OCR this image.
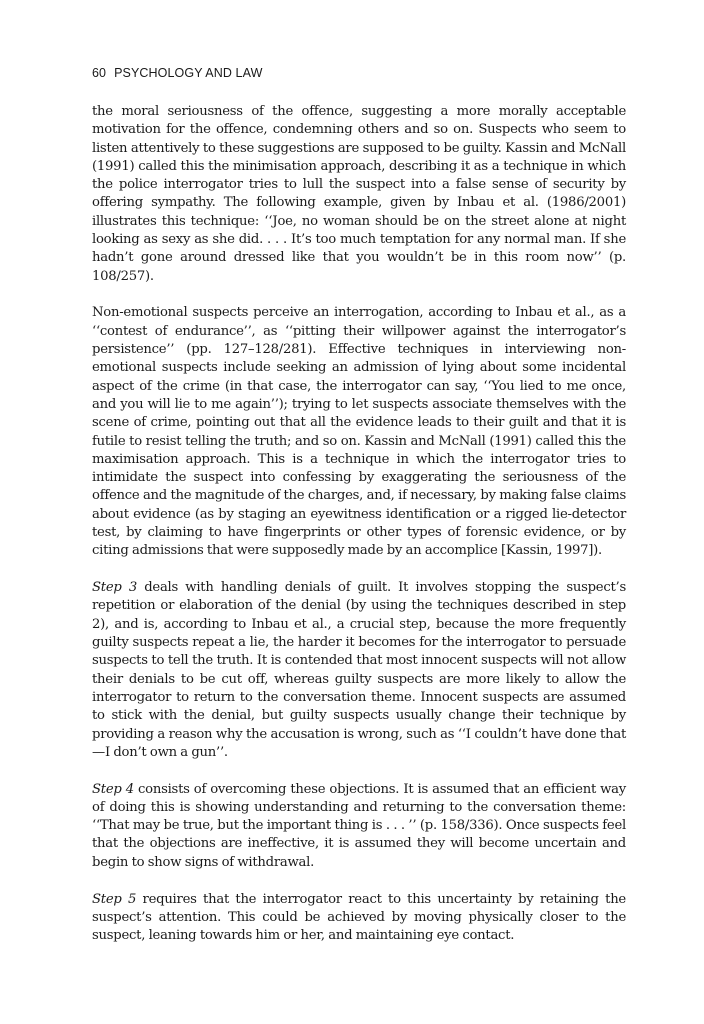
60 PSYCHOLOGY AND LAW

the moral seriousness of the offence, suggesting a more morally acceptable motivation for the offence, condemning others and so on. Suspects who seem to listen attentively to these suggestions are supposed to be guilty. Kassin and McNall (1991) called this the minimisation approach, describing it as a technique in which the police interrogator tries to lull the suspect into a false sense of security by offering sympathy. The following example, given by Inbau et al. (1986/2001) illustrates this technique: ‘‘Joe, no woman should be on the street alone at night looking as sexy as she did. . . . It’s too much temptation for any normal man. If she hadn’t gone around dressed like that you wouldn’t be in this room now’’ (p. 108/257).

Non-emotional suspects perceive an interrogation, according to Inbau et al., as a ‘‘contest of endurance’’, as ‘‘pitting their willpower against the interrogator’s persistence’’ (pp. 127–128/281). Effective techniques in interviewing non-emotional suspects include seeking an admission of lying about some incidental aspect of the crime (in that case, the interrogator can say, ‘‘You lied to me once, and you will lie to me again’’); trying to let suspects associate themselves with the scene of crime, pointing out that all the evidence leads to their guilt and that it is futile to resist telling the truth; and so on. Kassin and McNall (1991) called this the maximisation approach. This is a technique in which the interrogator tries to intimidate the suspect into confessing by exaggerating the seriousness of the offence and the magnitude of the charges, and, if necessary, by making false claims about evidence (as by staging an eyewitness identification or a rigged lie-detector test, by claiming to have fingerprints or other types of forensic evidence, or by citing admissions that were supposedly made by an accomplice [Kassin, 1997]).

Step 3 deals with handling denials of guilt. It involves stopping the suspect’s repetition or elaboration of the denial (by using the techniques described in step 2), and is, according to Inbau et al., a crucial step, because the more frequently guilty suspects repeat a lie, the harder it becomes for the interrogator to persuade suspects to tell the truth. It is contended that most innocent suspects will not allow their denials to be cut off, whereas guilty suspects are more likely to allow the interrogator to return to the conversation theme. Innocent suspects are assumed to stick with the denial, but guilty suspects usually change their technique by providing a reason why the accusation is wrong, such as ‘‘I couldn’t have done that—I don’t own a gun’’.

Step 4 consists of overcoming these objections. It is assumed that an efficient way of doing this is showing understanding and returning to the conversation theme: ‘‘That may be true, but the important thing is . . . ’’ (p. 158/336). Once suspects feel that the objections are ineffective, it is assumed they will become uncertain and begin to show signs of withdrawal.

Step 5 requires that the interrogator react to this uncertainty by retaining the suspect’s attention. This could be achieved by moving physically closer to the suspect, leaning towards him or her, and maintaining eye contact.
